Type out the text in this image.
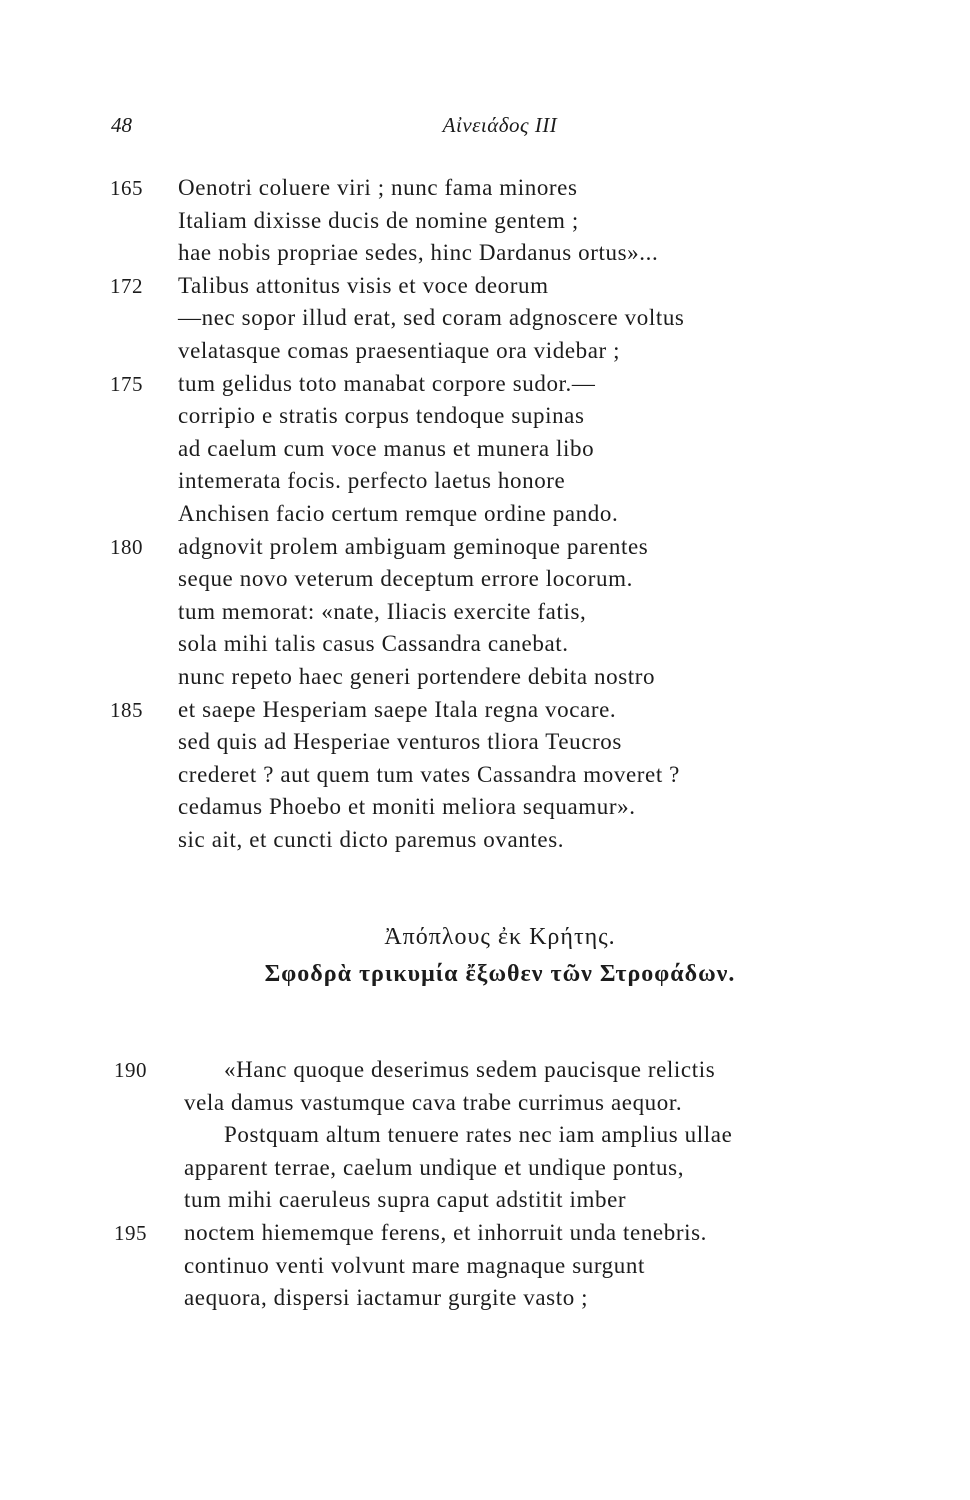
48	Αἰνειάδος III
165 Oenotri coluere viri ; nunc fama minores
Italiam dixisse ducis de nomine gentem ;
hae nobis propriae sedes, hinc Dardanus ortus»...
172 Talibus attonitus visis et voce deorum
—nec sopor illud erat, sed coram adgnoscere voltus
velatasque comas praesentiaque ora videbar ;
175 tum gelidus toto manabat corpore sudor.—
corripio e stratis corpus tendoque supinas
ad caelum cum voce manus et munera libo
intemerata focis. perfecto laetus honore
Anchisen facio certum remque ordine pando.
180 adgnovit prolem ambiguam geminoque parentes
seque novo veterum deceptum errore locorum.
tum memorat: «nate, Iliacis exercite fatis,
sola mihi talis casus Cassandra canebat.
nunc repeto haec generi portendere debita nostro
185 et saepe Hesperiam saepe Itala regna vocare.
sed quis ad Hesperiae venturos tliora Teucros
crederet ? aut quem tum vates Cassandra moveret ?
cedamus Phoebo et moniti meliora sequamur».
sic ait, et cuncti dicto paremus ovantes.
Ἀπόπλους ἐκ Κρήτης.
Σφοδρὰ τρικυμία ἔξωθεν τῶν Στροφάδων.
190	«Hanc quoque deserimus sedem paucisque relictis
vela damus vastumque cava trabe currimus aequor.
Postquam altum tenuere rates nec iam amplius ullae
apparent terrae, caelum undique et undique pontus,
tum mihi caeruleus supra caput adstitit imber
195 noctem hiememque ferens, et inhorruit unda tenebris.
continuo venti volvunt mare magnaque surgunt
aequora, dispersi iactamur gurgite vasto ;
